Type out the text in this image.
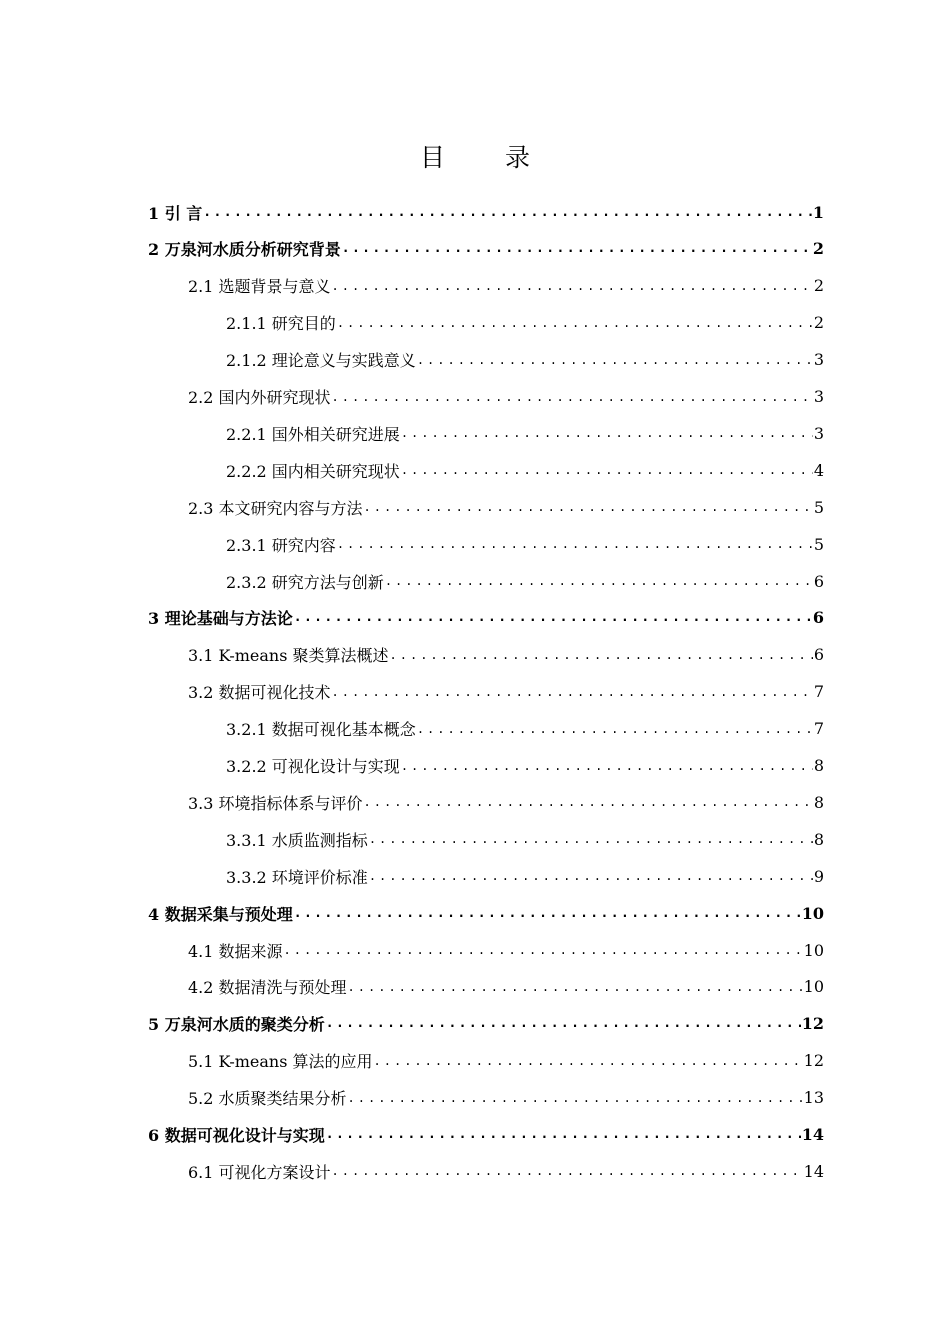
目 录
1 引 言 .....	1
2 万泉河水质分析研究背景 .....	2
2.1 选题背景与意义 .....	2
2.1.1 研究目的 .....	2
2.1.2 理论意义与实践意义 .....	3
2.2 国内外研究现状 .....	3
2.2.1 国外相关研究进展 .....	3
2.2.2 国内相关研究现状 .....	4
2.3 本文研究内容与方法 .....	5
2.3.1 研究内容 .....	5
2.3.2 研究方法与创新 .....	6
3 理论基础与方法论 .....	6
3.1 K-means 聚类算法概述 .....	6
3.2 数据可视化技术 .....	7
3.2.1 数据可视化基本概念 .....	7
3.2.2 可视化设计与实现 .....	8
3.3 环境指标体系与评价 .....	8
3.3.1 水质监测指标 .....	8
3.3.2 环境评价标准 .....	9
4 数据采集与预处理 .....	10
4.1 数据来源 .....	10
4.2 数据清洗与预处理 .....	10
5 万泉河水质的聚类分析 .....	12
5.1 K-means 算法的应用 .....	12
5.2 水质聚类结果分析 .....	13
6 数据可视化设计与实现 .....	14
6.1 可视化方案设计 .....	14
